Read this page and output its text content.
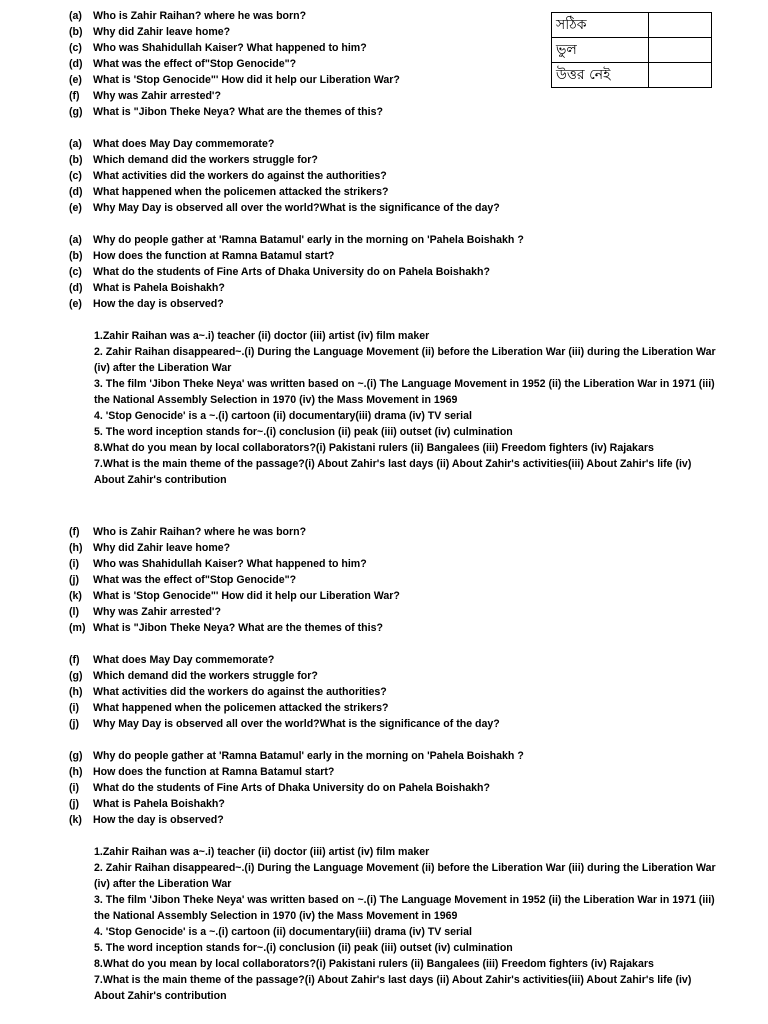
সঠিক	
ভুল	
উত্তর নেই	
(a) Who is Zahir Raihan? where he was born?
(b) Why did Zahir leave home?
(c) Who was Shahidullah Kaiser? What happened to him?
(d) What was the effect of"Stop Genocide"?
(e) What is 'Stop Genocide"' How did it help our Liberation War?
(f) Why was Zahir arrested'?
(g) What is "Jibon Theke Neya? What are the themes of this?
(a) What does May Day commemorate?
(b) Which demand did the workers struggle for?
(c) What activities did the workers do against the authorities?
(d) What happened when the policemen attacked the strikers?
(e) Why May Day is observed all over the world?What is the significance of the day?
(a) Why do people gather at 'Ramna Batamul' early in the morning on 'Pahela Boishakh ?
(b) How does the function at Ramna Batamul start?
(c) What do the students of Fine Arts of Dhaka University do on Pahela Boishakh?
(d) What is Pahela Boishakh?
(e) How the day is observed?
1.Zahir Raihan was a~.i) teacher (ii) doctor (iii) artist (iv) film maker
2. Zahir Raihan disappeared~.(i) During the Language Movement (ii) before the Liberation War (iii) during the Liberation War (iv) after the Liberation War
3. The film 'Jibon Theke Neya' was written based on ~.(i) The Language Movement in 1952 (ii) the Liberation War in 1971 (iii) the National Assembly Selection in 1970 (iv) the Mass Movement in 1969
4. 'Stop Genocide' is a ~.(i) cartoon (ii) documentary(iii) drama (iv) TV serial
5. The word inception stands for~.(i) conclusion (ii) peak (iii) outset (iv) culmination
8.What do you mean by local collaborators?(i) Pakistani rulers (ii) Bangalees (iii) Freedom fighters (iv) Rajakars
7.What is the main theme of the passage?(i) About Zahir's last days (ii) About Zahir's activities(iii) About Zahir's life (iv) About Zahir's contribution
(f) Who is Zahir Raihan? where he was born?
(h) Why did Zahir leave home?
(i) Who was Shahidullah Kaiser? What happened to him?
(j) What was the effect of"Stop Genocide"?
(k) What is 'Stop Genocide"' How did it help our Liberation War?
(l) Why was Zahir arrested'?
(m) What is "Jibon Theke Neya? What are the themes of this?
(f) What does May Day commemorate?
(g) Which demand did the workers struggle for?
(h) What activities did the workers do against the authorities?
(i) What happened when the policemen attacked the strikers?
(j) Why May Day is observed all over the world?What is the significance of the day?
(g) Why do people gather at 'Ramna Batamul' early in the morning on 'Pahela Boishakh ?
(h) How does the function at Ramna Batamul start?
(i) What do the students of Fine Arts of Dhaka University do on Pahela Boishakh?
(j) What is Pahela Boishakh?
(k) How the day is observed?
1.Zahir Raihan was a~.i) teacher (ii) doctor (iii) artist (iv) film maker
2. Zahir Raihan disappeared~.(i) During the Language Movement (ii) before the Liberation War (iii) during the Liberation War (iv) after the Liberation War
3. The film 'Jibon Theke Neya' was written based on ~.(i) The Language Movement in 1952 (ii) the Liberation War in 1971 (iii) the National Assembly Selection in 1970 (iv) the Mass Movement in 1969
4. 'Stop Genocide' is a ~.(i) cartoon (ii) documentary(iii) drama (iv) TV serial
5. The word inception stands for~.(i) conclusion (ii) peak (iii) outset (iv) culmination
8.What do you mean by local collaborators?(i) Pakistani rulers (ii) Bangalees (iii) Freedom fighters (iv) Rajakars
7.What is the main theme of the passage?(i) About Zahir's last days (ii) About Zahir's activities(iii) About Zahir's life (iv) About Zahir's contribution
